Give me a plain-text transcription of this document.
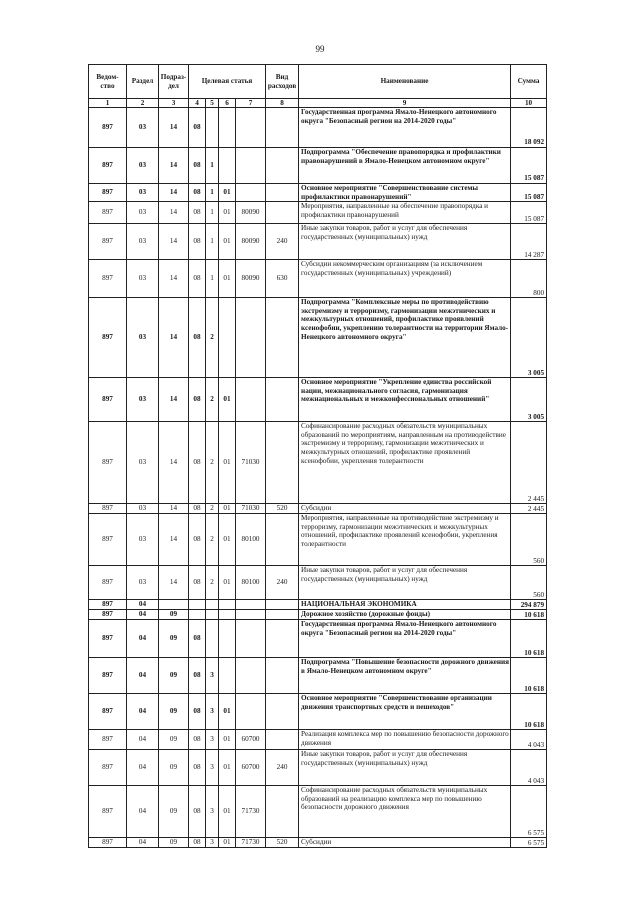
99
Ведом-ство	Раздел	Подраз-дел	Целевая статья				Вид расходов	Наименование	Сумма
1	2	3	4	5	6	7	8	9	10
897	03	14	08					Государственная программа Ямало-Ненецкого автономного округа "Безопасный регион на 2014-2020 годы"	18 092
897	03	14	08	1				Подпрограмма "Обеспечение правопорядка и профилактики правонарушений в Ямало-Ненецком автономном округе"	15 087
897	03	14	08	1	01			Основное мероприятие "Совершенствование системы профилактики правонарушений"	15 087
897	03	14	08	1	01	80090		Мероприятия, направленные на обеспечение правопорядка и профилактики правонарушений	15 087
897	03	14	08	1	01	80090	240	Иные закупки товаров, работ и услуг для обеспечения государственных (муниципальных) нужд	14 287
897	03	14	08	1	01	80090	630	Субсидии некоммерческим организациям (за исключением государственных (муниципальных) учреждений)	800
897	03	14	08	2				Подпрограмма "Комплексные меры по противодействию экстремизму и терроризму, гармонизации межэтнических и межкультурных отношений, профилактике проявлений ксенофобии, укреплению толерантности на территории Ямало-Ненецкого автономного округа"	3 005
897	03	14	08	2	01			Основное мероприятие "Укрепление единства российской нации, межнационального согласия, гармонизация межнациональных и межконфессиональных отношений"	3 005
897	03	14	08	2	01	71030		Софинансирование расходных обязательств муниципальных образований по мероприятиям, направленным на противодействие экстремизму и терроризму, гармонизации межэтнических и межкультурных отношений, профилактике проявлений ксенофобии, укрепления толерантности	2 445
897	03	14	08	2	01	71030	520	Субсидии	2 445
897	03	14	08	2	01	80100		Мероприятия, направленные на противодействие экстремизму и терроризму, гармонизации межэтнических и межкультурных отношений, профилактике проявлений ксенофобии, укрепления толерантности	560
897	03	14	08	2	01	80100	240	Иные закупки товаров, работ и услуг для обеспечения государственных (муниципальных) нужд	560
897	04							НАЦИОНАЛЬНАЯ ЭКОНОМИКА	294 879
897	04	09						Дорожное хозяйство (дорожные фонды)	10 618
897	04	09	08					Государственная программа Ямало-Ненецкого автономного округа "Безопасный регион на 2014-2020 годы"	10 618
897	04	09	08	3				Подпрограмма "Повышение безопасности дорожного движения в Ямало-Ненецком автономном округе"	10 618
897	04	09	08	3	01			Основное мероприятие "Совершенствование организации движения транспортных средств и пешеходов"	10 618
897	04	09	08	3	01	60700		Реализация комплекса мер по повышению безопасности дорожного движения	4 043
897	04	09	08	3	01	60700	240	Иные закупки товаров, работ и услуг для обеспечения государственных (муниципальных) нужд	4 043
897	04	09	08	3	01	71730		Софинансирование расходных обязательств муниципальных образований на реализацию комплекса мер по повышению безопасности дорожного движения	6 575
897	04	09	08	3	01	71730	520	Субсидии	6 575
